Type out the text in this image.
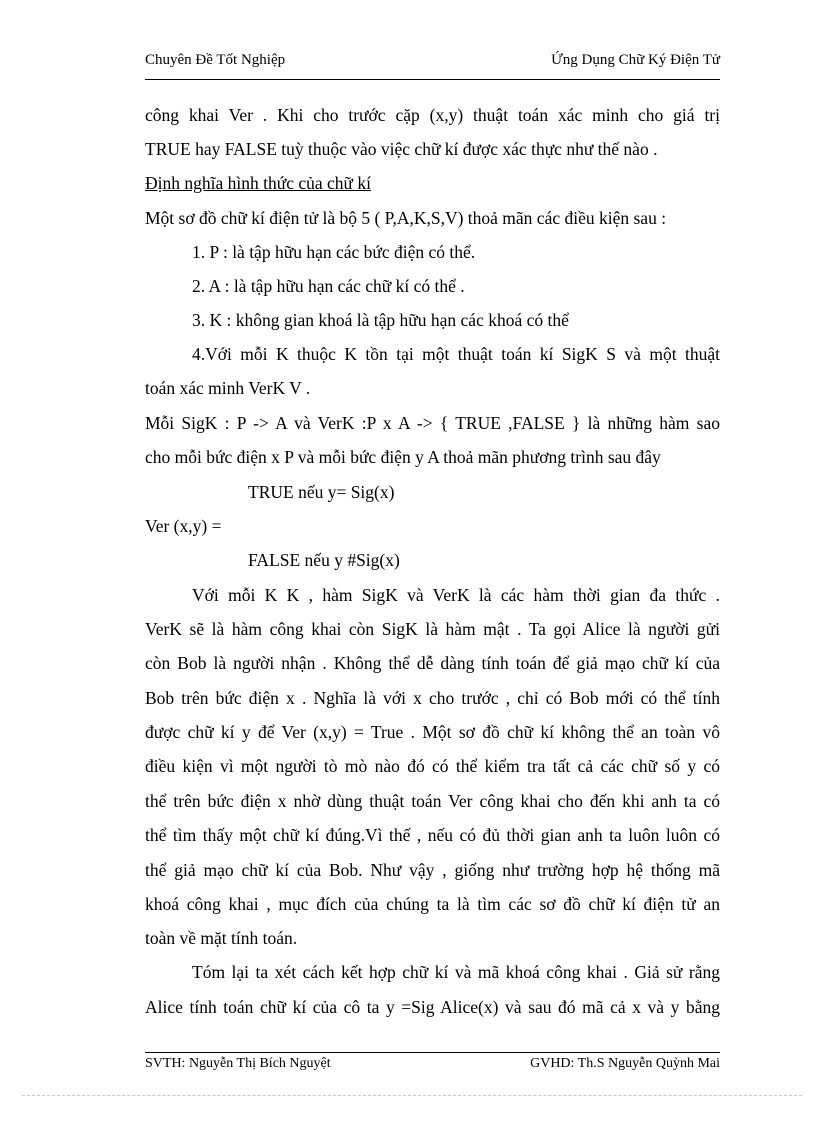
Chuyên Đề Tốt Nghiệp	Ứng Dụng Chữ Ký Điện Tử
công khai Ver . Khi cho trước cặp (x,y) thuật toán xác minh cho giá trị
TRUE hay FALSE tuỳ thuộc vào việc chữ kí được xác thực như thế nào .
Định nghĩa hình thức của chữ kí
Một sơ đồ chữ kí điện tử là bộ 5 ( P,A,K,S,V) thoả mãn các điều kiện sau :
1. P : là tập hữu hạn các bức điện có thể.
2. A : là tập hữu hạn các chữ kí có thể .
3. K : không gian khoá là tập hữu hạn các khoá có thể
4.Với mỗi K thuộc K tồn tại một thuật toán kí SigK S và một thuật
toán xác minh VerK V .
Mỗi SigK : P -> A và VerK :P x A -> { TRUE ,FALSE } là những hàm sao
cho mỗi bức điện x P và mỗi bức điện y A thoả mãn phương trình sau đây
TRUE nếu y= Sig(x)
Ver (x,y) =
FALSE nếu y #Sig(x)
Với mỗi K K , hàm SigK và VerK là các hàm thời gian đa thức .
VerK sẽ là hàm công khai còn SigK là hàm mật . Ta gọi Alice là người gửi
còn Bob là người nhận . Không thể dễ dàng tính toán để giả mạo chữ kí của
Bob trên bức điện x . Nghĩa là với x cho trước , chỉ có Bob mới có thể tính
được chữ kí y để Ver (x,y) = True . Một sơ đồ chữ kí không thể an toàn vô
điều kiện vì một người tò mò nào đó có thể kiểm tra tất cả các chữ số y có
thể trên bức điện x nhờ dùng thuật toán Ver công khai cho đến khi anh ta có
thể tìm thấy một chữ kí đúng.Vì thế , nếu có đủ thời gian anh ta luôn luôn có
thể giả mạo chữ kí của Bob. Như vậy , giống như trường hợp hệ thống mã
khoá công khai , mục đích của chúng ta là tìm các sơ đồ chữ kí điện tử an
toàn về mặt tính toán.
Tóm lại ta xét cách kết hợp chữ kí và mã khoá công khai . Giả sử rằng
Alice tính toán chữ kí của cô ta y =Sig Alice(x) và sau đó mã cả x và y bằng
SVTH: Nguyễn Thị Bích Nguyệt	GVHD: Th.S Nguyễn Quỳnh Mai
